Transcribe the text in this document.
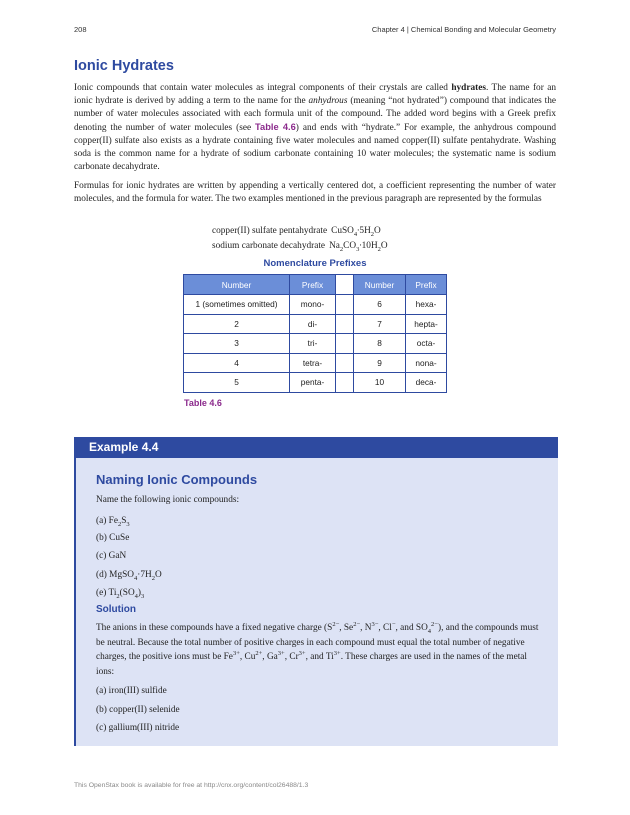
208	Chapter 4 | Chemical Bonding and Molecular Geometry
Ionic Hydrates

Ionic compounds that contain water molecules as integral components of their crystals are called hydrates. The name for an ionic hydrate is derived by adding a term to the name for the anhydrous (meaning “not hydrated”) compound that indicates the number of water molecules associated with each formula unit of the compound. The added word begins with a Greek prefix denoting the number of water molecules (see Table 4.6) and ends with “hydrate.” For example, the anhydrous compound copper(II) sulfate also exists as a hydrate containing five water molecules and named copper(II) sulfate pentahydrate. Washing soda is the common name for a hydrate of sodium carbonate containing 10 water molecules; the systematic name is sodium carbonate decahydrate.

Formulas for ionic hydrates are written by appending a vertically centered dot, a coefficient representing the number of water molecules, and the formula for water. The two examples mentioned in the previous paragraph are represented by the formulas

copper(II) sulfate pentahydrate $CuSO_4\cdot 5H_2O$
sodium carbonate decahydrate $Na_2CO_3\cdot 10H_2O$
Nomenclature Prefixes
Number	Prefix		Number	Prefix
1 (sometimes omitted)	mono-		6	hexa-
2	di-		7	hepta-
3	tri-		8	octa-
4	tetra-		9	nona-
5	penta-		10	deca-
Table 4.6
Example 4.4
Naming Ionic Compounds
Name the following ionic compounds:
(a) $Fe_2S_3$
(b) CuSe
(c) GaN
(d) $MgSO_4\cdot 7H_2O$
(e) $Ti_2(SO_4)_3$
Solution

The anions in these compounds have a fixed negative charge ($S^{2-}$, $Se^{2-}$, $N^{3-}$, Cl−, and $SO_4^{2-}$), and the compounds must be neutral. Because the total number of positive charges in each compound must equal the total number of negative charges, the positive ions must be $Fe^{3+}$, $Cu^{2+}$, $Ga^{3+}$, $Cr^{3+}$, and $Ti^{3+}$. These charges are used in the names of the metal ions:

(a) iron(III) sulfide
(b) copper(II) selenide
(c) gallium(III) nitride
This OpenStax book is available for free at http://cnx.org/content/col26488/1.3
